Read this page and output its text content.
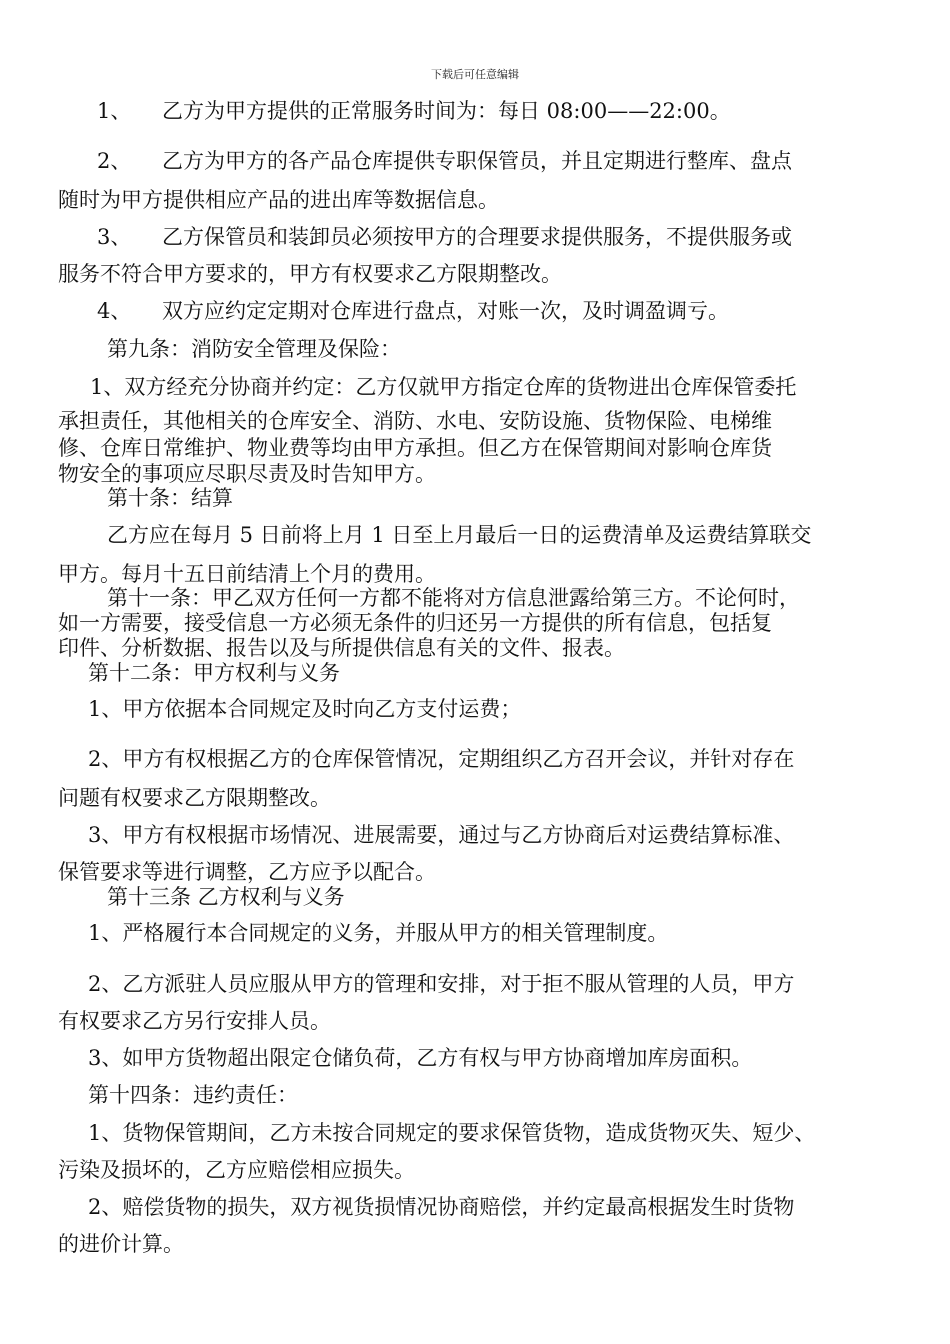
下载后可任意编辑
1、 乙方为甲方提供的正常服务时间为：每日 08:00——22:00。
2、 乙方为甲方的各产品仓库提供专职保管员，并且定期进行整库、盘点
随时为甲方提供相应产品的进出库等数据信息。
3、 乙方保管员和装卸员必须按甲方的合理要求提供服务，不提供服务或
服务不符合甲方要求的，甲方有权要求乙方限期整改。
4、 双方应约定定期对仓库进行盘点，对账一次，及时调盈调亏。
第九条：消防安全管理及保险：
1、双方经充分协商并约定：乙方仅就甲方指定仓库的货物进出仓库保管委托
承担责任，其他相关的仓库安全、消防、水电、安防设施、货物保险、电梯维
修、仓库日常维护、物业费等均由甲方承担。但乙方在保管期间对影响仓库货
物安全的事项应尽职尽责及时告知甲方。
第十条：结算
乙方应在每月 5 日前将上月 1 日至上月最后一日的运费清单及运费结算联交
甲方。每月十五日前结清上个月的费用。
第十一条：甲乙双方任何一方都不能将对方信息泄露给第三方。不论何时，
如一方需要，接受信息一方必须无条件的归还另一方提供的所有信息，包括复
印件、分析数据、报告以及与所提供信息有关的文件、报表。
第十二条：甲方权利与义务
1、甲方依据本合同规定及时向乙方支付运费；
2、甲方有权根据乙方的仓库保管情况，定期组织乙方召开会议，并针对存在
问题有权要求乙方限期整改。
3、甲方有权根据市场情况、进展需要，通过与乙方协商后对运费结算标准、
保管要求等进行调整，乙方应予以配合。
第十三条 乙方权利与义务
1、严格履行本合同规定的义务，并服从甲方的相关管理制度。
2、乙方派驻人员应服从甲方的管理和安排，对于拒不服从管理的人员，甲方
有权要求乙方另行安排人员。
3、如甲方货物超出限定仓储负荷，乙方有权与甲方协商增加库房面积。
第十四条：违约责任：
1、货物保管期间，乙方未按合同规定的要求保管货物，造成货物灭失、短少、
污染及损坏的，乙方应赔偿相应损失。
2、赔偿货物的损失，双方视货损情况协商赔偿，并约定最高根据发生时货物
的进价计算。
